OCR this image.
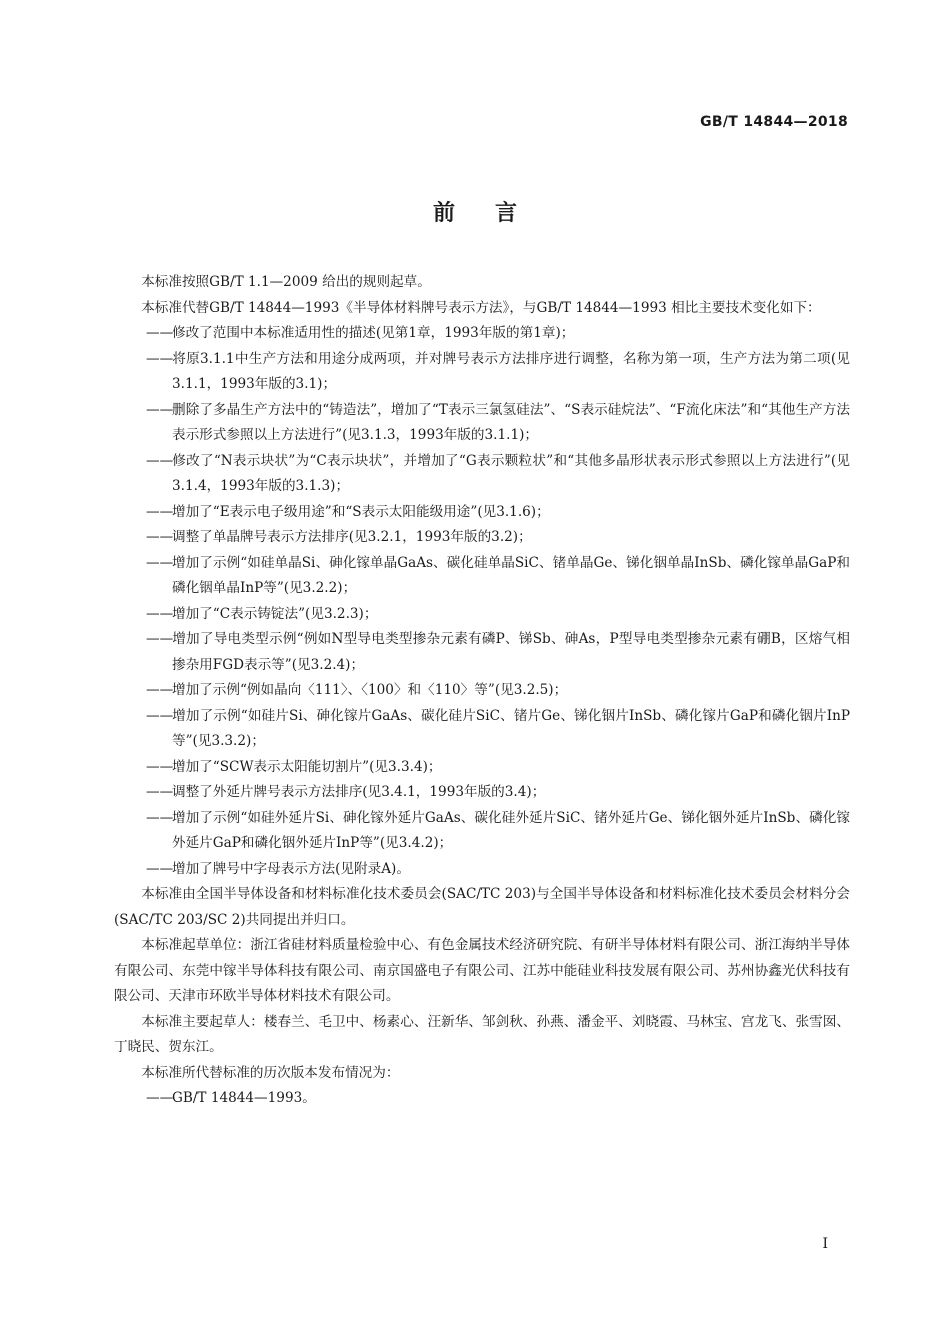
GB/T 14844—2018
前言

本标准按照GB/T 1.1—2009 给出的规则起草。

本标准代替GB/T 14844—1993《半导体材料牌号表示方法》，与GB/T 14844—1993 相比主要技术变化如下：

——修改了范围中本标准适用性的描述(见第1章，1993年版的第1章)；

——将原3.1.1中生产方法和用途分成两项，并对牌号表示方法排序进行调整，名称为第一项，生产方法为第二项(见3.1.1，1993年版的3.1)；

——删除了多晶生产方法中的“铸造法”，增加了“T表示三氯氢硅法”、“S表示硅烷法”、“F流化床法”和“其他生产方法表示形式参照以上方法进行”(见3.1.3，1993年版的3.1.1)；

——修改了“N表示块状”为“C表示块状”，并增加了“G表示颗粒状”和“其他多晶形状表示形式参照以上方法进行”(见3.1.4，1993年版的3.1.3)；

——增加了“E表示电子级用途”和“S表示太阳能级用途”(见3.1.6)；

——调整了单晶牌号表示方法排序(见3.2.1，1993年版的3.2)；

——增加了示例“如硅单晶Si、砷化镓单晶GaAs、碳化硅单晶SiC、锗单晶Ge、锑化铟单晶InSb、磷化镓单晶GaP和磷化铟单晶InP等”(见3.2.2)；

——增加了“C表示铸锭法”(见3.2.3)；

——增加了导电类型示例“例如N型导电类型掺杂元素有磷P、锑Sb、砷As，P型导电类型掺杂元素有硼B，区熔气相掺杂用FGD表示等”(见3.2.4)；

——增加了示例“例如晶向〈111〉、〈100〉和〈110〉等”(见3.2.5)；

——增加了示例“如硅片Si、砷化镓片GaAs、碳化硅片SiC、锗片Ge、锑化铟片InSb、磷化镓片GaP和磷化铟片InP等”(见3.3.2)；

——增加了“SCW表示太阳能切割片”(见3.3.4)；

——调整了外延片牌号表示方法排序(见3.4.1，1993年版的3.4)；

——增加了示例“如硅外延片Si、砷化镓外延片GaAs、碳化硅外延片SiC、锗外延片Ge、锑化铟外延片InSb、磷化镓外延片GaP和磷化铟外延片InP等”(见3.4.2)；

——增加了牌号中字母表示方法(见附录A)。

本标准由全国半导体设备和材料标准化技术委员会(SAC/TC 203)与全国半导体设备和材料标准化技术委员会材料分会(SAC/TC 203/SC 2)共同提出并归口。

本标准起草单位：浙江省硅材料质量检验中心、有色金属技术经济研究院、有研半导体材料有限公司、浙江海纳半导体有限公司、东莞中镓半导体科技有限公司、南京国盛电子有限公司、江苏中能硅业科技发展有限公司、苏州协鑫光伏科技有限公司、天津市环欧半导体材料技术有限公司。

本标准主要起草人：楼春兰、毛卫中、杨素心、汪新华、邹剑秋、孙燕、潘金平、刘晓霞、马林宝、宫龙飞、张雪囡、丁晓民、贺东江。

本标准所代替标准的历次版本发布情况为：

——GB/T 14844—1993。

I
